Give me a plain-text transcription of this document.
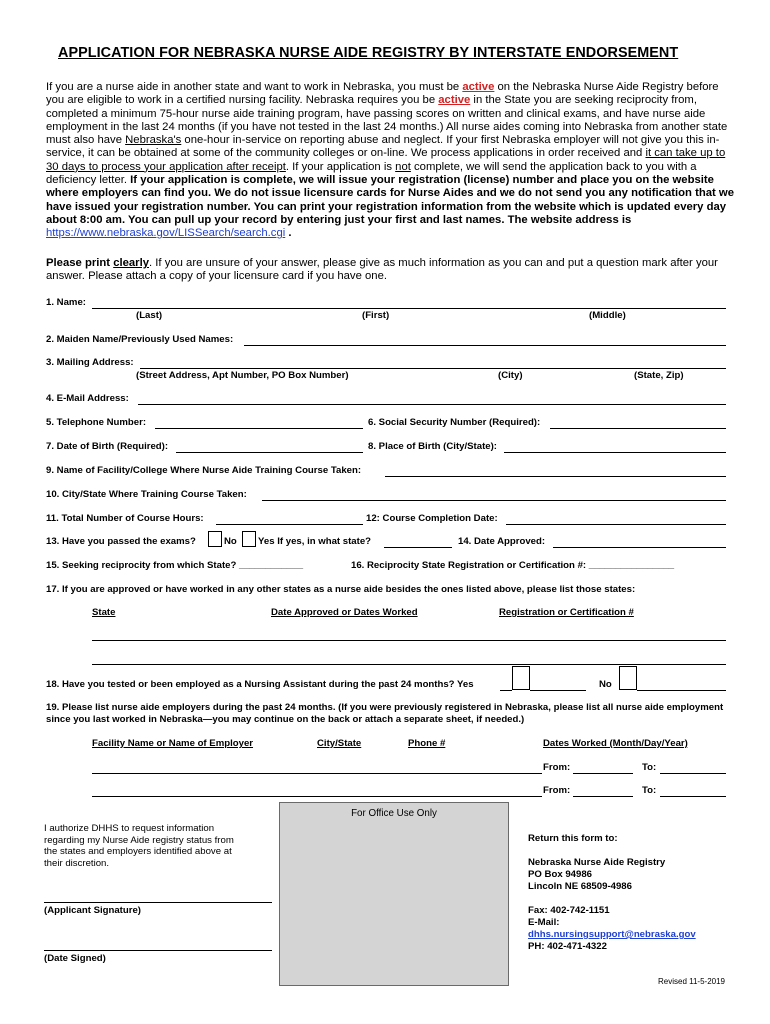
APPLICATION FOR NEBRASKA NURSE AIDE REGISTRY BY INTERSTATE ENDORSEMENT

If you are a nurse aide in another state and want to work in Nebraska, you must be active on the Nebraska Nurse Aide Registry before you are eligible to work in a certified nursing facility. Nebraska requires you be active in the State you are seeking reciprocity from, completed a minimum 75-hour nurse aide training program, have passing scores on written and clinical exams, and have nurse aide employment in the last 24 months (if you have not tested in the last 24 months.) All nurse aides coming into Nebraska from another state must also have Nebraska's one-hour in-service on reporting abuse and neglect. If your first Nebraska employer will not give you this in-service, it can be obtained at some of the community colleges or on-line. We process applications in order received and it can take up to 30 days to process your application after receipt. If your application is not complete, we will send the application back to you with a deficiency letter. If your application is complete, we will issue your registration (license) number and place you on the website where employers can find you. We do not issue licensure cards for Nurse Aides and we do not send you any notification that we have issued your registration number. You can print your registration information from the website which is updated every day about 8:00 am. You can pull up your record by entering just your first and last names. The website address is https://www.nebraska.gov/LISSearch/search.cgi .

Please print clearly. If you are unsure of your answer, please give as much information as you can and put a question mark after your answer. Please attach a copy of your licensure card if you have one.
1. Name:
(Last)	(First)	(Middle)
2. Maiden Name/Previously Used Names:
3. Mailing Address:
(Street Address, Apt Number, PO Box Number)	(City)	(State, Zip)
4. E-Mail Address:
5. Telephone Number:	6. Social Security Number (Required):
7. Date of Birth (Required):	8. Place of Birth (City/State):
9. Name of Facility/College Where Nurse Aide Training Course Taken:
10. City/State Where Training Course Taken:
11. Total Number of Course Hours:	12: Course Completion Date:
13. Have you passed the exams?	No Yes If yes, in what state?	14. Date Approved:
15. Seeking reciprocity from which State? ____________	16. Reciprocity State Registration or Certification #: ________________
17. If you are approved or have worked in any other states as a nurse aide besides the ones listed above, please list those states:
State	Date Approved or Dates Worked	Registration or Certification #
18. Have you tested or been employed as a Nursing Assistant during the past 24 months? Yes	No
19. Please list nurse aide employers during the past 24 months. (If you were previously registered in Nebraska, please list all nurse aide employment since you last worked in Nebraska—you may continue on the back or attach a separate sheet, if needed.)
Facility Name or Name of Employer	City/State	Phone #	Dates Worked (Month/Day/Year)
From:	To:
From:	To:
For Office Use Only
I authorize DHHS to request information regarding my Nurse Aide registry status from the states and employers identified above at their discretion.
(Applicant Signature)
(Date Signed)
Return this form to:
Nebraska Nurse Aide Registry
PO Box 94986
Lincoln NE 68509-4986
Fax: 402-742-1151
E-Mail:
dhhs.nursingsupport@nebraska.gov
PH: 402-471-4322
Revised 11-5-2019
